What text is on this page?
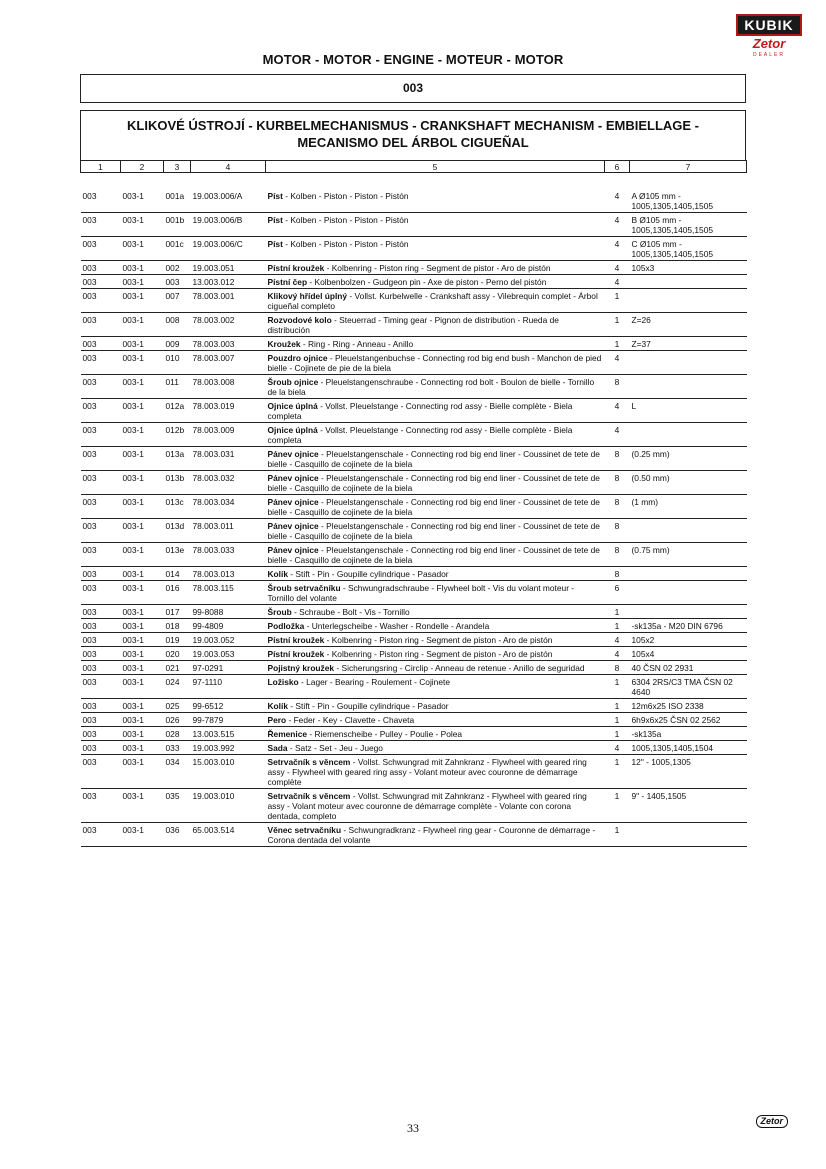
KUBIK
Zetor
DEALER
MOTOR - MOTOR - ENGINE - MOTEUR - MOTOR
003
KLIKOVÉ ÚSTROJÍ - KURBELMECHANISMUS - CRANKSHAFT MECHANISM - EMBIELLAGE -
MECANISMO DEL ÁRBOL CIGUEÑAL
1	2	3	4	5	6	7
003	003-1	001a	19.003.006/A	Píst - Kolben - Piston - Piston - Pistón	4	A Ø105 mm - 1005,1305,1405,1505
003	003-1	001b	19.003.006/B	Píst - Kolben - Piston - Piston - Pistón	4	B Ø105 mm - 1005,1305,1405,1505
003	003-1	001c	19.003.006/C	Píst - Kolben - Piston - Piston - Pistón	4	C Ø105 mm - 1005,1305,1405,1505
003	003-1	002	19.003.051	Pístní kroužek - Kolbenring - Piston ring - Segment de pistor - Aro de pistón	4	105x3
003	003-1	003	13.003.012	Pístní čep - Kolbenbolzen - Gudgeon pin - Axe de piston - Perno del pistón	4	
003	003-1	007	78.003.001	Klikový hřídel úplný - Vollst. Kurbelwelle - Crankshaft assy - Vilebrequin complet - Árbol cigueñal completo	1	
003	003-1	008	78.003.002	Rozvodové kolo - Steuerrad - Timing gear - Pignon de distribution - Rueda de distribución	1	Z=26
003	003-1	009	78.003.003	Kroužek - Ring - Ring - Anneau - Anillo	1	Z=37
003	003-1	010	78.003.007	Pouzdro ojnice - Pleuelstangenbuchse - Connecting rod big end bush - Manchon de pied bielle - Cojinete de pie de la biela	4	
003	003-1	011	78.003.008	Šroub ojnice - Pleuelstangenschraube - Connecting rod bolt - Boulon de bielle - Tornillo de la biela	8	
003	003-1	012a	78.003.019	Ojnice úplná - Vollst. Pleuelstange - Connecting rod assy - Bielle complète - Biela completa	4	L
003	003-1	012b	78.003.009	Ojnice úplná - Vollst. Pleuelstange - Connecting rod assy - Bielle complète - Biela completa	4	
003	003-1	013a	78.003.031	Pánev ojnice - Pleuelstangenschale - Connecting rod big end liner - Coussinet de tete de bielle - Casquillo de cojinete de la biela	8	(0.25 mm)
003	003-1	013b	78.003.032	Pánev ojnice - Pleuelstangenschale - Connecting rod big end liner - Coussinet de tete de bielle - Casquillo de cojinete de la biela	8	(0.50 mm)
003	003-1	013c	78.003.034	Pánev ojnice - Pleuelstangenschale - Connecting rod big end liner - Coussinet de tete de bielle - Casquillo de cojinete de la biela	8	(1 mm)
003	003-1	013d	78.003.011	Pánev ojnice - Pleuelstangenschale - Connecting rod big end liner - Coussinet de tete de bielle - Casquillo de cojinete de la biela	8	
003	003-1	013e	78.003.033	Pánev ojnice - Pleuelstangenschale - Connecting rod big end liner - Coussinet de tete de bielle - Casquillo de cojinete de la biela	8	(0.75 mm)
003	003-1	014	78.003.013	Kolík - Stift - Pin - Goupille cylindrique - Pasador	8	
003	003-1	016	78.003.115	Šroub setrvačníku - Schwungradschraube - Flywheel bolt - Vis du volant moteur - Tornillo del volante	6	
003	003-1	017	99-8088	Šroub - Schraube - Bolt - Vis - Tornillo	1	
003	003-1	018	99-4809	Podložka - Unterlegscheibe - Washer - Rondelle - Arandela	1	-sk135a - M20 DIN 6796
003	003-1	019	19.003.052	Pístní kroužek - Kolbenring - Piston ring - Segment de piston - Aro de pistón	4	105x2
003	003-1	020	19.003.053	Pístní kroužek - Kolbenring - Piston ring - Segment de piston - Aro de pistón	4	105x4
003	003-1	021	97-0291	Pojistný kroužek - Sicherungsring - Circlip - Anneau de retenue - Anillo de seguridad	8	40 ČSN 02 2931
003	003-1	024	97-1110	Ložisko - Lager - Bearing - Roulement - Cojinete	1	6304 2RS/C3 TMA ČSN 02 4640
003	003-1	025	99-6512	Kolík - Stift - Pin - Goupille cylindrique - Pasador	1	12m6x25 ISO 2338
003	003-1	026	99-7879	Pero - Feder - Key - Clavette - Chaveta	1	6h9x6x25 ČSN 02 2562
003	003-1	028	13.003.515	Řemenice - Riemenscheibe - Pulley - Poulie - Polea	1	-sk135a
003	003-1	033	19.003.992	Sada - Satz - Set - Jeu - Juego	4	1005,1305,1405,1504
003	003-1	034	15.003.010	Setrvačník s věncem - Vollst. Schwungrad mit Zahnkranz - Flywheel with geared ring assy - Flywheel with geared ring assy - Volant moteur avec couronne de démarrage complète	1	12" - 1005,1305
003	003-1	035	19.003.010	Setrvačník s věncem - Vollst. Schwungrad mit Zahnkranz - Flywheel with geared ring assy - Volant moteur avec couronne de démarrage complète - Volante con corona dentada, completo	1	9" - 1405,1505
003	003-1	036	65.003.514	Věnec setrvačníku - Schwungradkranz - Flywheel ring gear - Couronne de démarrage - Corona dentada del volante	1	
33	Zetor
